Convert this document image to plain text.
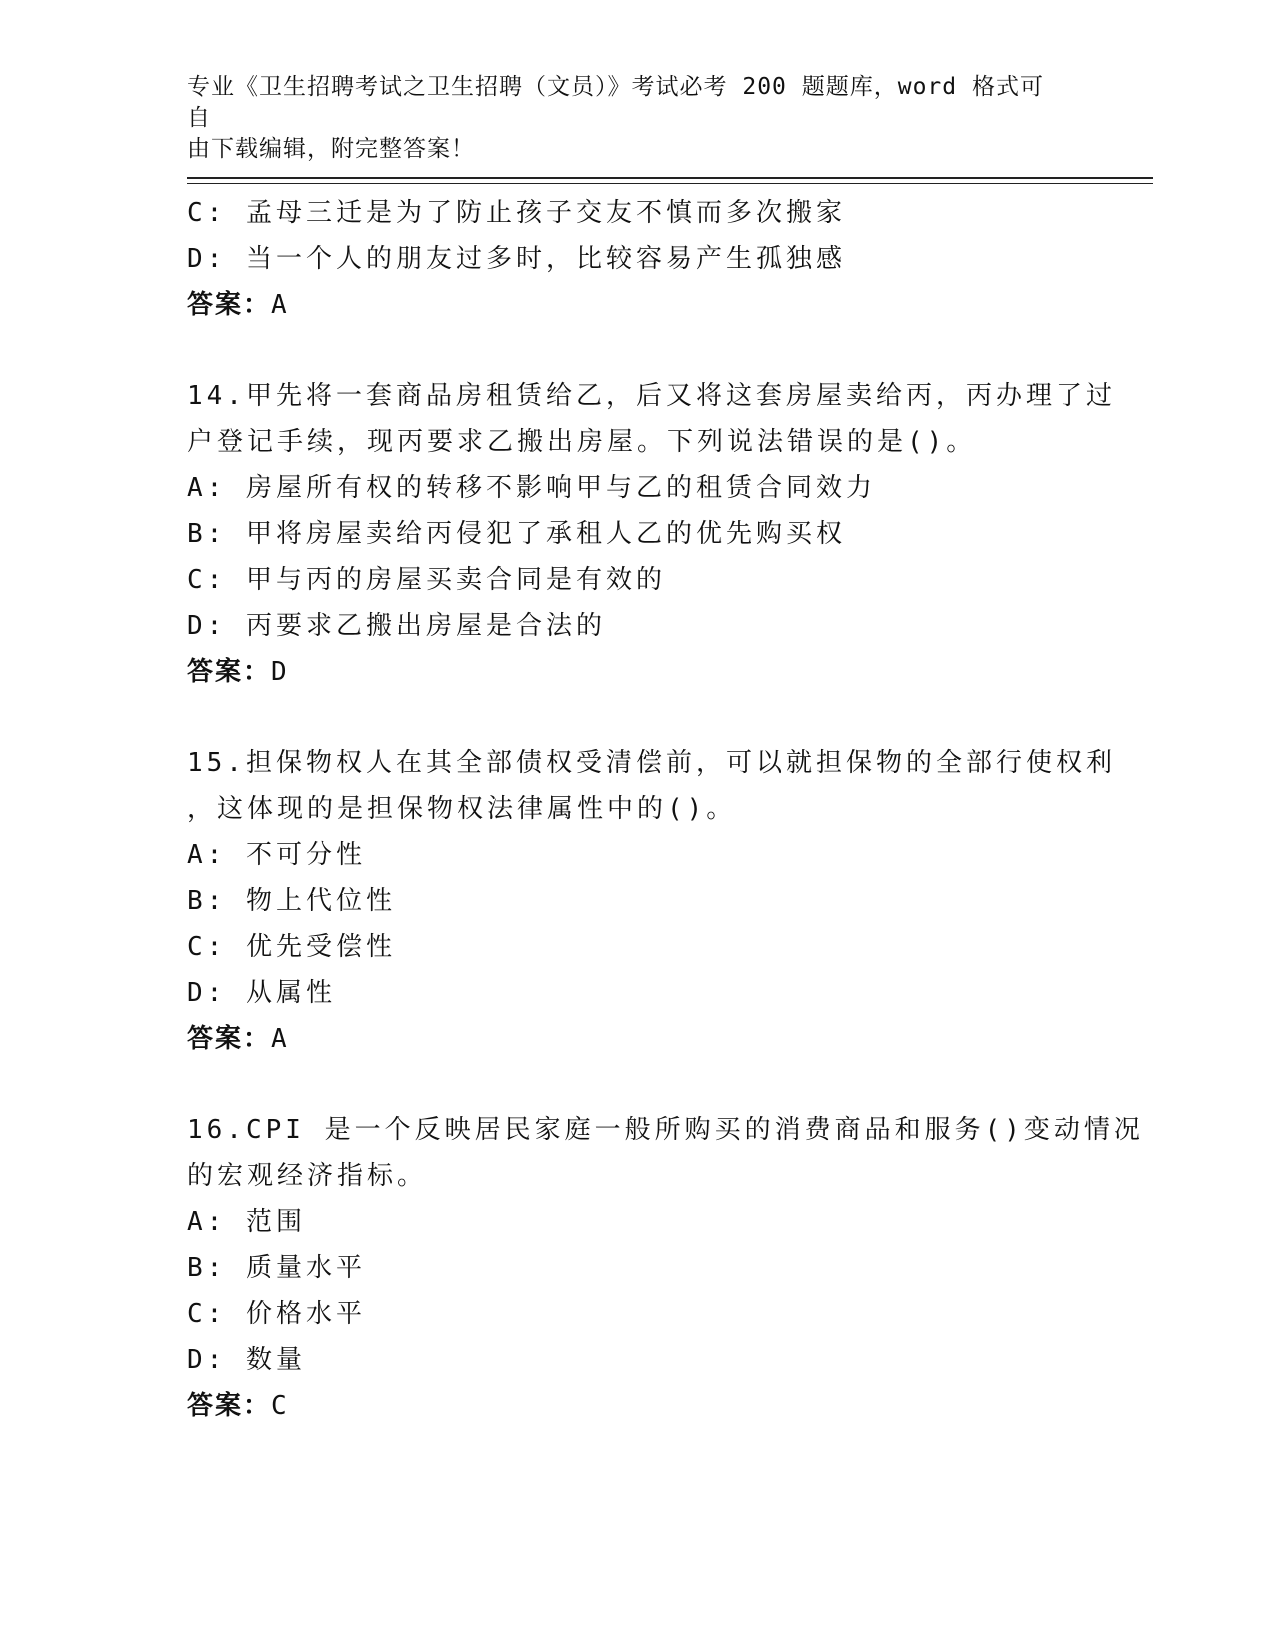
专业《卫生招聘考试之卫生招聘（文员）》考试必考 200 题题库，word 格式可自
由下载编辑，附完整答案！
C: 孟母三迁是为了防止孩子交友不慎而多次搬家
D: 当一个人的朋友过多时，比较容易产生孤独感
答案：A
14.甲先将一套商品房租赁给乙，后又将这套房屋卖给丙，丙办理了过
户登记手续，现丙要求乙搬出房屋。下列说法错误的是()。
A: 房屋所有权的转移不影响甲与乙的租赁合同效力
B: 甲将房屋卖给丙侵犯了承租人乙的优先购买权
C: 甲与丙的房屋买卖合同是有效的
D: 丙要求乙搬出房屋是合法的
答案：D
15.担保物权人在其全部债权受清偿前，可以就担保物的全部行使权利
，这体现的是担保物权法律属性中的()。
A: 不可分性
B: 物上代位性
C: 优先受偿性
D: 从属性
答案：A
16.CPI 是一个反映居民家庭一般所购买的消费商品和服务()变动情况
的宏观经济指标。
A: 范围
B: 质量水平
C: 价格水平
D: 数量
答案：C
